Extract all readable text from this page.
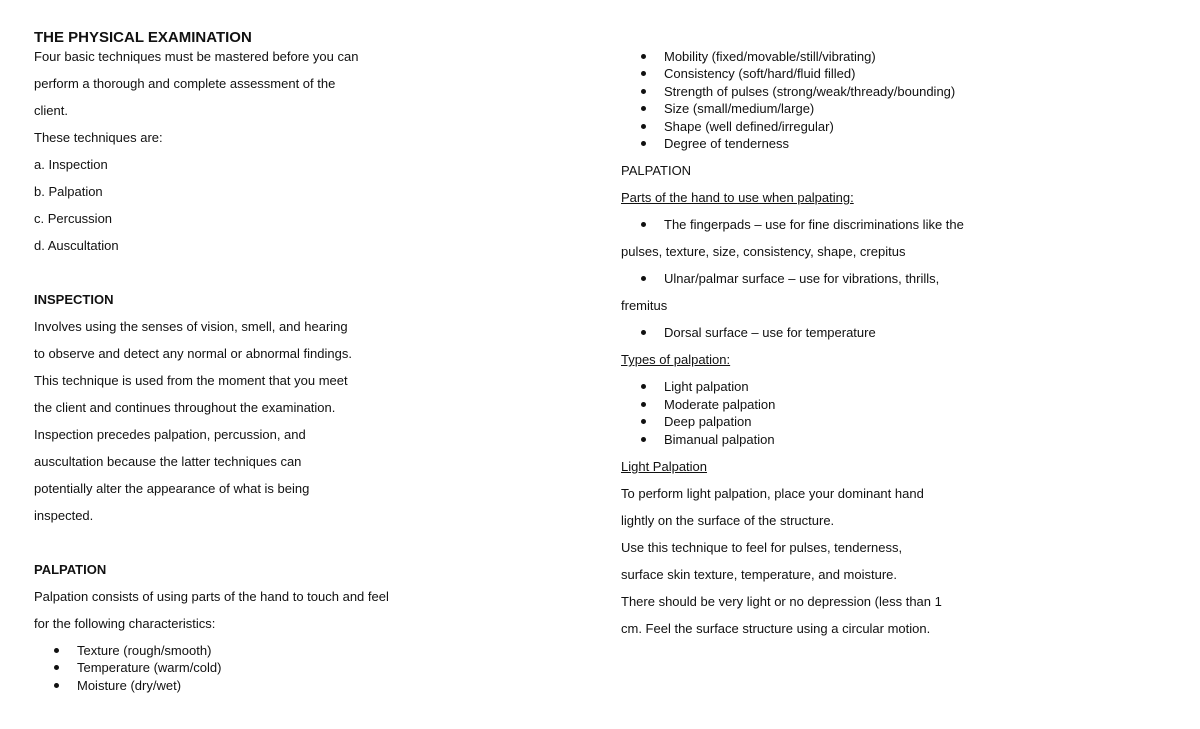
THE PHYSICAL EXAMINATION
Four basic techniques must be mastered before you can
perform a thorough and complete assessment of the
client.
These techniques are:
a. Inspection
b. Palpation
c. Percussion
d. Auscultation
INSPECTION
Involves using the senses of vision, smell, and hearing
to observe and detect any normal or abnormal findings.
This technique is used from the moment that you meet
the client and continues throughout the examination.
Inspection precedes palpation, percussion, and
auscultation because the latter techniques can
potentially alter the appearance of what is being
inspected.
PALPATION
Palpation consists of using parts of the hand to touch and feel
for the following characteristics:
Texture (rough/smooth)
Temperature (warm/cold)
Moisture (dry/wet)
Mobility (fixed/movable/still/vibrating)
Consistency (soft/hard/fluid filled)
Strength of pulses (strong/weak/thready/bounding)
Size (small/medium/large)
Shape (well defined/irregular)
Degree of tenderness
PALPATION
Parts of the hand to use when palpating:
The fingerpads – use for fine discriminations like the
pulses, texture, size, consistency, shape, crepitus
Ulnar/palmar surface – use for vibrations, thrills,
fremitus
Dorsal surface – use for temperature
Types of palpation:
Light palpation
Moderate palpation
Deep palpation
Bimanual palpation
Light Palpation
To perform light palpation, place your dominant hand
lightly on the surface of the structure.
Use this technique to feel for pulses, tenderness,
surface skin texture, temperature, and moisture.
There should be very light or no depression (less than 1
cm. Feel the surface structure using a circular motion.
